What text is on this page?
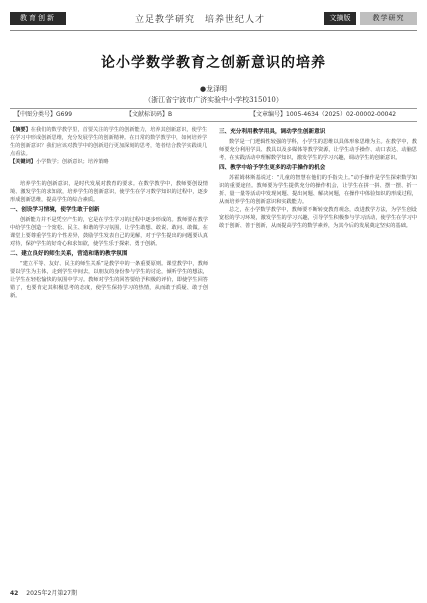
教育创新	立足教学研究　培养世纪人才	文摘版	教学研究
论小学数学教育之创新意识的培养
●龙泽明
（浙江省宁波市广济实验中小学校315010）
【中图分类号】G699	【文献标识码】B	【文章编号】1005-4634（2025）02-00002-00042
【摘要】在我们的数学教学里，首要关注的学生的创新能力，培养其创新意识，使学生在学习中形成创新思维，充分发展学生的创新精神。在日常的数学教学中，如何培养学生的创新意识？我们应该对教学中的创新进行更加深刻的思考，笔者结合教学实践谈几点看法。
【关键词】小学数学；创新意识；培养策略

培养学生的创新意识，是时代发展对教育的要求。在数学教学中，教师要创设情境、激发学生的求知欲，培养学生的创新意识，使学生在学习数学知识的过程中，逐步形成创新思维，提高学生的综合素质。

一、创设学习情境，使学生敢于创新

创新能力并不是凭空产生的，它是在学生学习的过程中逐步形成的。教师要在教学中给学生创造一个宽松、民主、和谐的学习氛围，让学生敢想、敢说、敢问、敢做。在课堂上要尊重学生的个性差异，鼓励学生发表自己的见解，对于学生提出的问题要认真对待，保护学生的好奇心和求知欲，使学生乐于探索、勇于创新。

二、建立良好的师生关系，营造和谐的教学氛围

“建立平等、友好、民主的师生关系”是教学中的一条重要原则。课堂教学中，教师要以学生为主体，走到学生中间去，以朋友的身份参与学生的讨论，倾听学生的想法，让学生在轻松愉快的氛围中学习。教师对学生的回答要给予积极的评价，即使学生回答错了，也要肯定其积极思考的态度，使学生保持学习的热情，从而敢于质疑、敢于创新。

三、充分利用教学用具，调动学生创新意识

数学是一门逻辑性较强的学科，小学生的思维以具体形象思维为主。在教学中，教师要充分利用学具、教具以及多媒体等教学资源，让学生动手操作、动口表达、动脑思考，在实践活动中理解数学知识，激发学生的学习兴趣，调动学生的创新意识。

四、教学中给予学生更多的动手操作的机会

苏霍姆林斯基说过：“儿童的智慧在他们的手指尖上。”动手操作是学生探索数学知识的重要途径。教师要为学生提供充分的操作机会，让学生在拼一拼、摆一摆、折一折、量一量等活动中发现问题、提出问题、解决问题，在操作中体验知识的形成过程，从而培养学生的创新意识和实践能力。

总之，在小学数学教学中，教师要不断转变教育观念，改进教学方法，为学生创设宽松的学习环境，激发学生的学习兴趣，引导学生积极参与学习活动，使学生在学习中敢于创新、善于创新，从而提高学生的数学素养，为其今后的发展奠定坚实的基础。

42 2025年2月第27期
